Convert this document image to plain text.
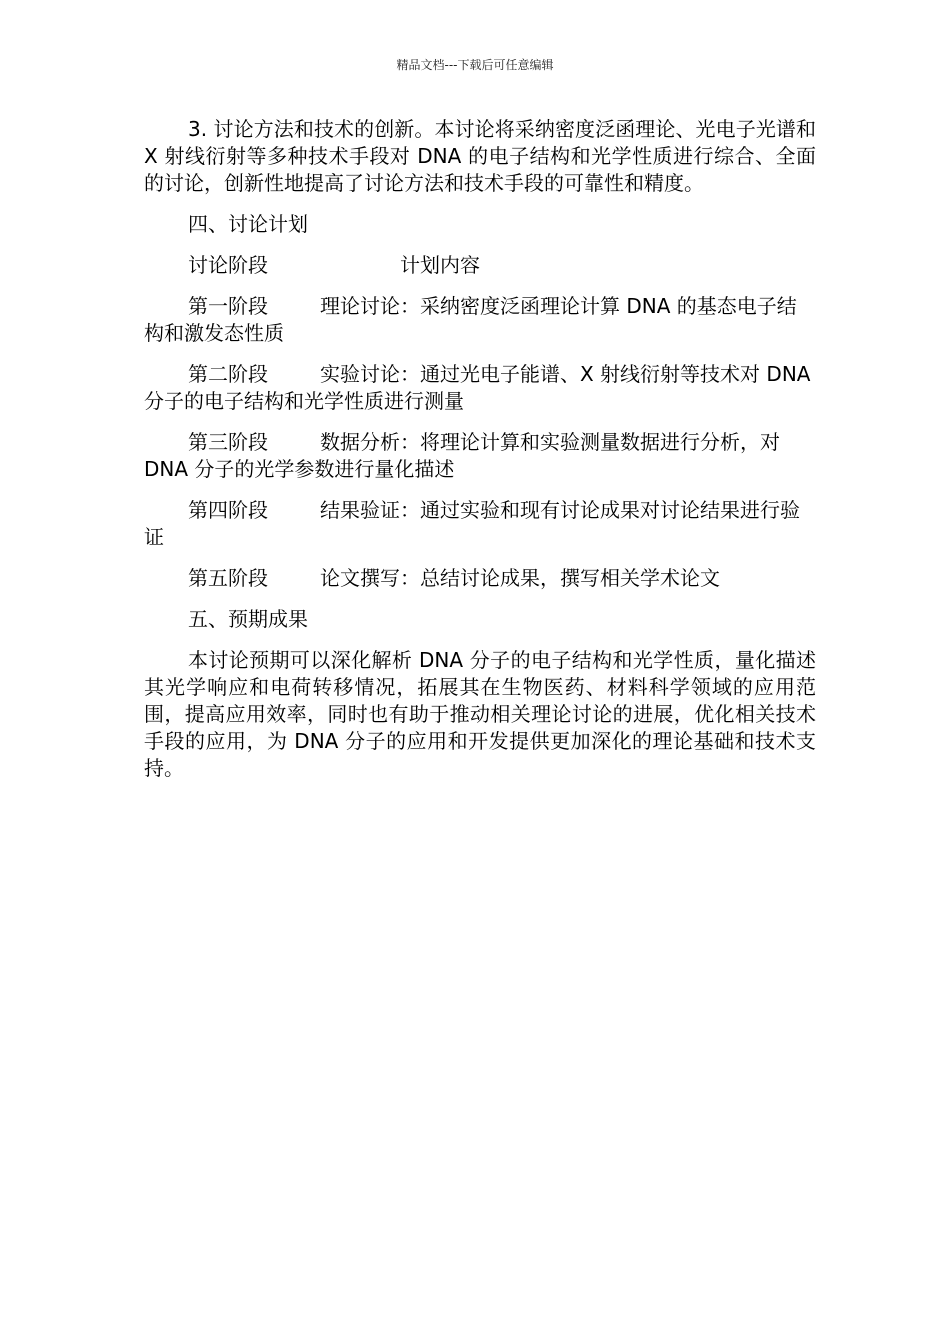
精品文档---下载后可任意编辑

3. 讨论方法和技术的创新。本讨论将采纳密度泛函理论、光电子光谱和 X 射线衍射等多种技术手段对 DNA 的电子结构和光学性质进行综合、全面的讨论，创新性地提高了讨论方法和技术手段的可靠性和精度。

四、讨论计划

讨论阶段	计划内容
第一阶段	理论讨论：采纳密度泛函理论计算 DNA 的基态电子结构和激发态性质
第二阶段	实验讨论：通过光电子能谱、X 射线衍射等技术对 DNA 分子的电子结构和光学性质进行测量
第三阶段	数据分析：将理论计算和实验测量数据进行分析，对 DNA 分子的光学参数进行量化描述
第四阶段	结果验证：通过实验和现有讨论成果对讨论结果进行验证
第五阶段	论文撰写：总结讨论成果，撰写相关学术论文

五、预期成果

本讨论预期可以深化解析 DNA 分子的电子结构和光学性质，量化描述其光学响应和电荷转移情况，拓展其在生物医药、材料科学领域的应用范围，提高应用效率，同时也有助于推动相关理论讨论的进展，优化相关技术手段的应用，为 DNA 分子的应用和开发提供更加深化的理论基础和技术支持。
